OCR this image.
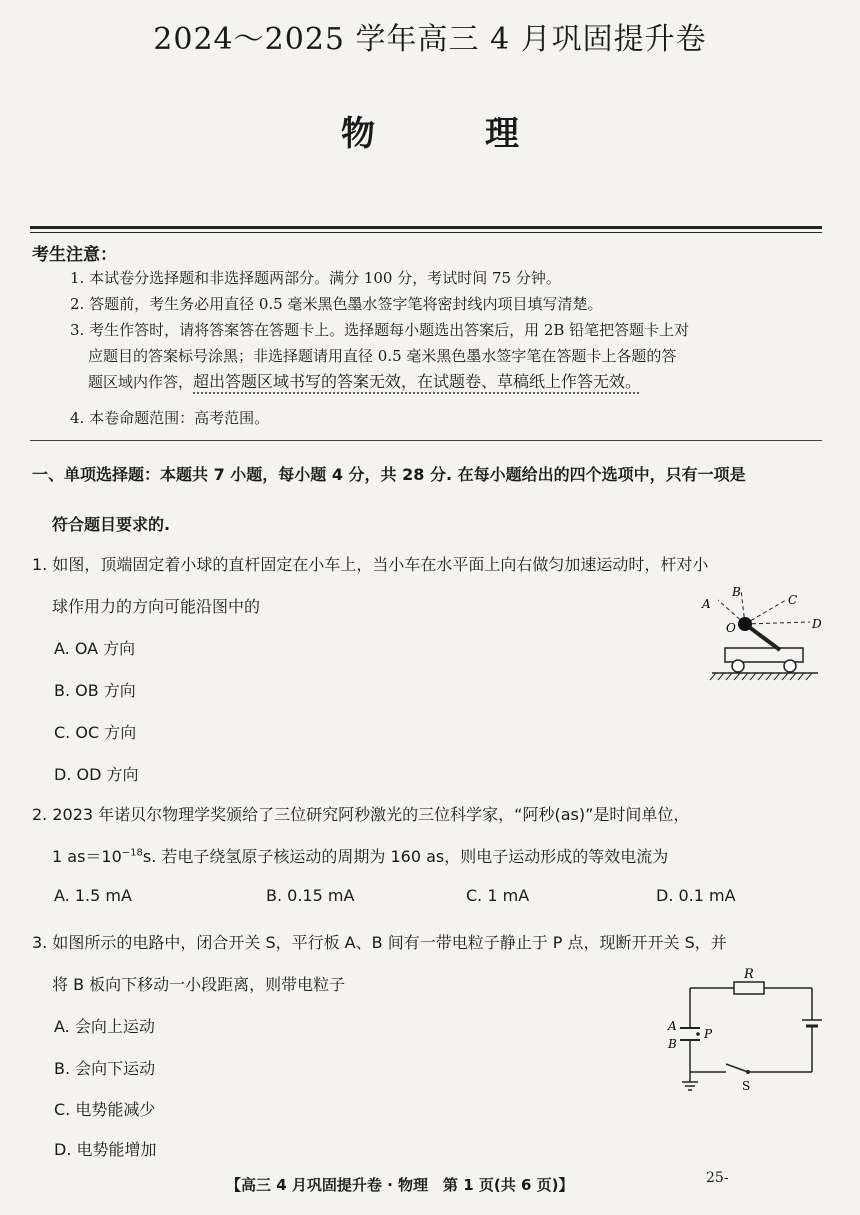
2024～2025 学年高三 4 月巩固提升卷
物理
考生注意：
1. 本试卷分选择题和非选择题两部分。满分 100 分，考试时间 75 分钟。
2. 答题前，考生务必用直径 0.5 毫米黑色墨水签字笔将密封线内项目填写清楚。
3. 考生作答时，请将答案答在答题卡上。选择题每小题选出答案后，用 2B 铅笔把答题卡上对
应题目的答案标号涂黑；非选择题请用直径 0.5 毫米黑色墨水签字笔在答题卡上各题的答
题区域内作答，超出答题区域书写的答案无效，在试题卷、草稿纸上作答无效。
4. 本卷命题范围：高考范围。
一、单项选择题：本题共 7 小题，每小题 4 分，共 28 分. 在每小题给出的四个选项中，只有一项是
符合题目要求的.
1. 如图，顶端固定着小球的直杆固定在小车上，当小车在水平面上向右做匀加速运动时，杆对小
球作用力的方向可能沿图中的
A. OA 方向
B. OB 方向
C. OC 方向
D. OD 方向
A
B
C
D
O
2. 2023 年诺贝尔物理学奖颁给了三位研究阿秒激光的三位科学家，“阿秒(as)”是时间单位，
1 $as=10^{-18}s$. 若电子绕氢原子核运动的周期为 160 as，则电子运动形成的等效电流为
A. 1.5 mA	B. 0.15 mA	C. 1 mA	D. 0.1 mA
3. 如图所示的电路中，闭合开关 S，平行板 A、B 间有一带电粒子静止于 P 点，现断开开关 S，并
将 B 板向下移动一小段距离，则带电粒子
A. 会向上运动
B. 会向下运动
C. 电势能减少
D. 电势能增加
R
A
B
P
S
【高三 4 月巩固提升卷 · 物理　第 1 页(共 6 页)】	25-
